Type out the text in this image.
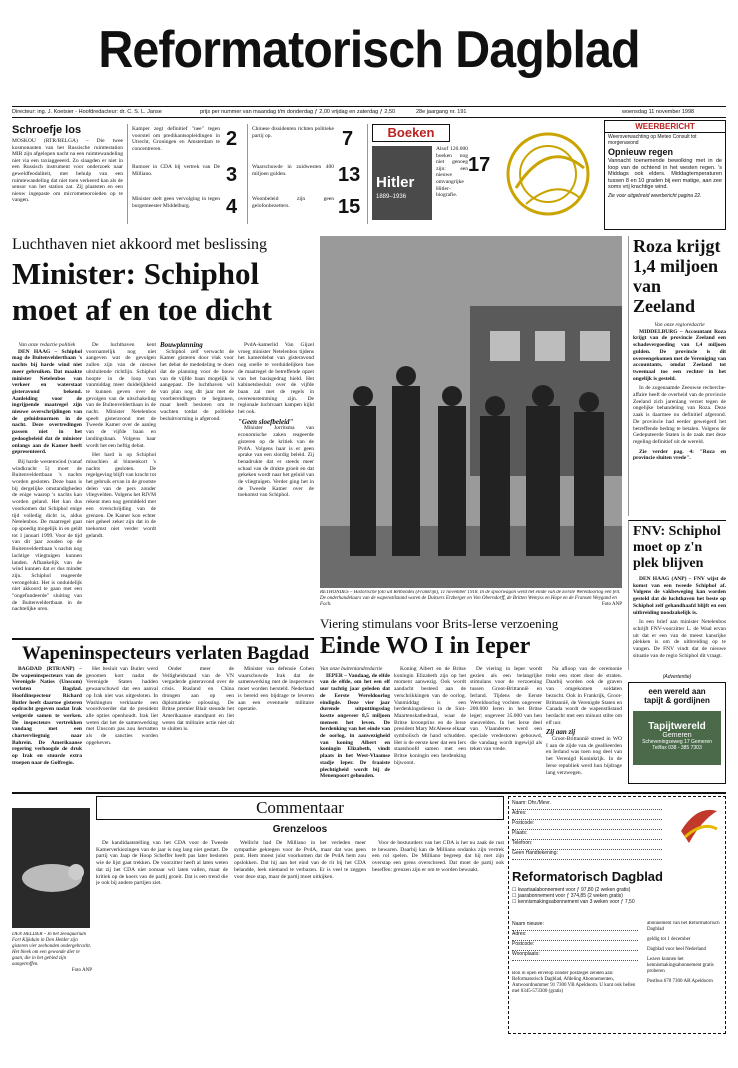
Reformatorisch Dagblad
Directeur: ing. J. Koetsier - Hoofdredacteur: dr. C. S. L. Janse	prijs per nummer van maandag t/m donderdag ƒ 2,00 vrijdag en zaterdag ƒ 2,50	28e jaargang nr. 191	woensdag 11 november 1998
Schroefje los
MOSKOU (RTR/BELGA) – Die twee kosmonauten van het Russische ruimtestation MIR zijn afgelopen nacht na een ruimtewandeling niet via een taxiaggeeerd. Zo slaagden er niet in een Russisch instrument voor onderzoek naar geweldfeodaliteit, met behulp van een ruimtewandeling dat niet toen verkeerd kan als de sensor van het station zat. Zij plaatsten en een nieuw ingepaste om micrometeoroieden op te vangen.
Kamper zegt definitief "nee" tegen voorstel om predikantsopleidingen in Utrecht, Groningen en Amsterdam te concentreren.	2
Rumoer in CDA bij vertrek van De Milliano.	3
Minister stelt geen vervolging in tegen burgemeester Middelburg.	4
Chinese dissidenten richten politieke partij op.	7
Waarschuwde in zuidwesten 400 miljoen gulden.	13
Woonbeleid zijn geen gelofonbezetters.	15
Boeken
Hitler
1889–1936
Alsof 120.000 boeken nog niet genoeg zijn: een nieuwe omvangrijke Hitler-biografie.
17
WEERBERICHT
Weersverwachting op Meteo Consult tot morgenavond
Opnieuw regen
Vannacht toenemende bewolking met in de loop van de ochtend in het westen regen. 's Middags ook elders. Middagtemperaturen tussen 8 en 10 graden bij een matige, aan zee soms vrij krachtige wind.
Zie voor uitgebreid weerbericht pagina 22.
Luchthaven niet akkoord met beslissing
Minister: Schiphol moet af en toe dicht
Van onze redactie politiek

DEN HAAG – Schiphol mag de Buitenveldertbaan 's nachts bij harde wind niet meer gebruiken. Dat maakte minister Netelenbos van verkeer en waterstaat gisteravond bekend. Aanleiding voor de ingrijpende maatregel zijn nieuwe overschrijdingen van de geluidsnormen in de nacht. Deze overtredingen passen niet in het gedoogbeleid dat de minister onlangs aan de Kamer heeft gepresenteerd.

Bij harde westenwind (vanaf windkracht 5) moet de Buitenveldertbaan 's nachts worden gesloten. Deze baan is bij dergelijke omstandigheden de enige waarop 's nachts kan worden geland. Het kan dus voorkomen dat Schiphol enige tijd volledig dicht is, aldus Netelenbos. De maatregel gaat op spoedig mogelijk in en geldt tot 1 januari 1999. Voor de tijd van dit jaar zouden op de Buitenveldertbaan 's nachts nog lachtige vliegtuigen kunnen landen. Afhankelijk van de wind kunnen dat er dus minder zijn. Schiphol reageerde verongelukt. Het is onduidelijk niet akkoord te gaan met een "ongefundeerde" sluiting van de Buitenveldertbaan in de nachtelijke uren.

De luchthaven kent voornamelijk nog niet aangeven wat de gevolgen zullen zijn van de nieuwe uitsluitende richtlijn. Schiphol hoopte in de loop van vanmiddag meer duidelijkheid te kunnen geven over de gevolgen van de uitschakeling van de Buitenveldertbaan in de nacht. Minister Netelenbos speelt gisteravond met de Tweede Kamer over de aanleg van de vijfde baan en landingsbaan. Volgens haar wordt het een heftig debat.

Het hard is op Schiphol misschien al binnenkort 's nachts gesloten. De regelgeving blijft van kracht tot het gebruik ervan in de grootste delen van de pers zonder vliegvelden. Volgens het RIVM rekent men nog gemiddeld met een overschrijding van de grenzen. De Kamer kon echter niet geheel zeker zijn dat in de toekomst niet verder wordt gelandt.

Bouwplanning

Schiphol zelf verwacht de Kamer gisteren door vlak voor het debat de mededeling te doen dat de planning voor de bouw van de vijfde baan mogelijk is aangepast. De luchthaven wil van plan nog dit jaar met de voorbereidingen te beginnen, maar heeft besloten om te wachten totdat de politieke besluitvorming is afgerond.

PvdA-kamerlid Van Gijzel vroeg minister Netelenbos tijdens het kamerdebat van gisteravond nog snelle te verduidelijken hoe de maatregel de betreffende opzet van het basisgedrag hield. Het kabinetsbesluit over de vijfde baan zal met de regels in overeenstemming zijn. De regionale luchtvaart kampen kijkt het ook.

"Geen sloefbeleid"

Minister Jorritsma van economische zaken reageerde gisteren op de kritiek van de PvdA. Volgens haar is er geen sprake van een slordig beleid. Zij benadrukte dat er steeds meer schaal van de drukte groeit en dat gekeken wordt naar het geluid van de vliegtuigen. Verder ging het in de Tweede Kamer over de toekomst van Schiphol.

RETHONDES – Historische foto uit Rethondes (Frankrijk), 11 november 1918. In de spoorwagon werd het einde van de Eerste Wereldoorlog een feit. De onderhandelaars van de wapenstilstand waren de Duitsers Erzberger en Von Oberndorff, de Britten Wemyss en Hope en de Fransen Weygand en Foch.	Foto ANP
Roza krijgt 1,4 miljoen van Zeeland
Van onze regioredactie

MIDDELBURG – Accountant Roza krijgt van de provincie Zeeland een schadevergoeding van 1,4 miljoen gulden. De provincie is dit overeengekomen met de Vereniging van accountants, omdat Zeeland tot tweemaal toe een rechter in het ongelijk is gesteld.

In de zogenaamde Zeeuwse recherche-affaire heeft de overheid van de provincie Zeeland zich jarenlang verzet tegen de ongelijke behandeling van Roza. Deze zaak is daarmee nu definitief afgerond. De provincie had eerder geweigerd het betreffende bedrag te betalen. Volgens de Gedeputeerde Staten is de zaak met deze regeling definitief uit de wereld.

Zie verder pag. 4: "Roza en provincie sluiten vrede".

FNV: Schiphol moet op z'n plek blijven

DEN HAAG (ANP) – FNV wijst de komst van een tweede Schiphol af. Volgens de vakbeweging kan worden gesteld dat de luchthaven het beste op Schiphol zelf gehandhaafd blijft en een uitbreiding noodzakelijk is.

In een brief aan minister Netelenbos schrijft FNV-voorzitter L. de Waal ervan uit dat er een van de meest kansrijke plekken is om de uitbreiding op te vangen. De FNV vindt dat de nieuwe situatie van de regio Schiphol dit vraagt.

Viering stimulans voor Brits-Ierse verzoening
Einde WO I in Ieper
Van onze buitenlandredactie

IEPER – Vandaag, de elfde van de elfde, om het een elf uur tachtig jaar geleden dat de Eerste Wereldoorlog eindigde. Deze vier jaar durende uitputtingsslag kostte ongeveer 8,5 miljoen mensen het leven. De herdenking van het einde van de oorlog, in aanwezigheid van koning Albert en koningin Elizabeth, vindt plaats in het West-Vlaamse stadje Ieper. De fraaiste plechtigheid wordt bij de Menenpoort gehouden.

Koning Albert en de Britse koningin Elizabeth zijn op het moment aanwezig. Ook wordt aandacht besteed aan de verschrikkingen van de oorlog. Vanmiddag is een herdenkingsdienst in de Sint-Maartenskathedraal, waar de Britse kroonprins en de Ierse president Mary McAleese elkaar symbolisch de hand schudden. Het is de eerste keer dat een Iers staatshoofd samen met een Britse koningin een herdenking bijwoont.

De viering in Ieper wordt gezien als een belangrijke stimulans voor de verzoening tussen Groot-Brittannië en Ierland. Tijdens de Eerste Wereldoorlog vochten ongeveer 200.000 Ieren in het Britse leger; ongeveer 35.000 van hen sneuvelden. In het Ierse deel van Vlaanderen werd een speciale vredestoren gebouwd, die vandaag wordt ingewijd als teken van vrede.

Na afloop van de ceremonie trekt een stoet door de straten. Daarbij worden ook de graven van omgekomen soldaten bezocht. Ook in Frankrijk, Groot-Brittannië, de Verenigde Staten en Canada wordt de wapenstilstand herdacht met een minuut stilte om elf uur.

Zij aan zij

Groot-Brittannië streed in WO I aan de zijde van de geallieerden en Ierland was toen nog deel van het Verenigd Koninkrijk. In de Ierse republiek werd hun bijdrage lang verzwegen.

(Advertentie)
een wereld aan
tapijt & gordijnen
Tapijtwereld
Gemeren
Scheveningseweg 17 Gemeren
Tel/fax 038 - 385 7303
Wapeninspecteurs verlaten Bagdad

BAGDAD (RTR/ANP) – De wapeninspecteurs van de Verenigde Naties (Unscom) verlaten Bagdad. Hoofdinspecteur Richard Butler heeft daartoe gisteren opdracht gegeven nadat Irak weigerde samen te werken. De inspecteurs vertrekken vandaag met een chartervliegtuig naar Bahrein. De Amerikaanse regering verhoogde de druk op Irak en stuurde extra troepen naar de Golfregio.

Het besluit van Butler werd genomen kort nadat de Verenigde Staten hadden gewaarschuwd dat een aanval op Irak niet was uitgesloten. In Washington verklaarde een woordvoerder dat de president alle opties openhoudt. Irak liet weten dat het de samenwerking met Unscom pas zou hervatten als de sancties worden opgeheven.

Onder meer de Veiligheidsraad van de VN vergaderde gisteravond over de crisis. Rusland en China drongen aan op een diplomatieke oplossing. De Britse premier Blair steunde het Amerikaanse standpunt en liet weten dat militaire actie niet uit te sluiten is.

Minister van defensie Cohen waarschuwde Irak dat de samenwerking met de inspecteurs moet worden hersteld. Nederland is bereid een bijdrage te leveren aan een eventuele militaire operatie.

Commentaar
Grenzeloos

De kandidaatstelling van het CDA voor de Tweede Kamerverkiezingen van de jaar is nog lang niet gestart. De partij van Jaap de Hoop Scheffer heeft pas later besloten wie de lijst gaat trekken. De voorzitter heeft al laten weten dat zij het CDA niet zomaar wil laten vallen, maar de kritiek op de koers van de partij groeit. Dat is een trend die je ook bij andere partijen ziet.

Wellicht had De Milliano in het verleden meer sympathie gekregen voor de PvdA, maar dat was geen punt. Hem moest juist voorkomen dat de PvdA hem zou opslokken. Dat hij aan het eind van de rit bij het CDA belandde, leek niemand te verbazen. Er is veel te zeggen voor deze stap, maar de partij moet uitkijken.

Voor de bestuurders van het CDA is het nu zaak de rust te bewaren. Daarbij kan de Milliano ondanks zijn vertrek een rol spelen. De Milliano begreep dat hij met zijn overstap een grens overschreed. Dat moet de partij ook beseffen: grenzen zijn er om te worden bewaakt.

DEN HELDER – In het zeeaquarium Fort Kijkduin in Den Helder zijn gisteren vier zeehonden ondergebracht. Het bleek om een gewonde dier te gaan, die in het gebied zijn aangetroffen.
Foto ANP
Naam: Dhr./Mevr.
Adres:
Postcode:
Plaats:
Telefoon:
Geen Handtekening:
Reformatorisch Dagblad
☐ kwartaalabonnement voor ƒ 97,80 (2 weken gratis)
☐ jaarabonnement voor ƒ 374,85 (2 weken gratis)
☐ kennismakingsabonnement van 3 weken voor ƒ 7,50
Naam nieuwe:
Adres:
Postcode:
Woonplaats:
Bon in open envelop zonder postzegel zenden aan: Reformatorisch Dagblad, Afdeling Abonnementen, Antwoordnummer 91 7300 VB Apeldoorn. U kunt ook bellen met 0345-573300 (gratis)
abonnement van het Reformatorisch Dagblad
geldig tot 1 december
Dagblad voor heel Nederland
Lezers kunnen het kennismakingsabonnement gratis proberen
Postbus 670 7300 AR Apeldoorn
